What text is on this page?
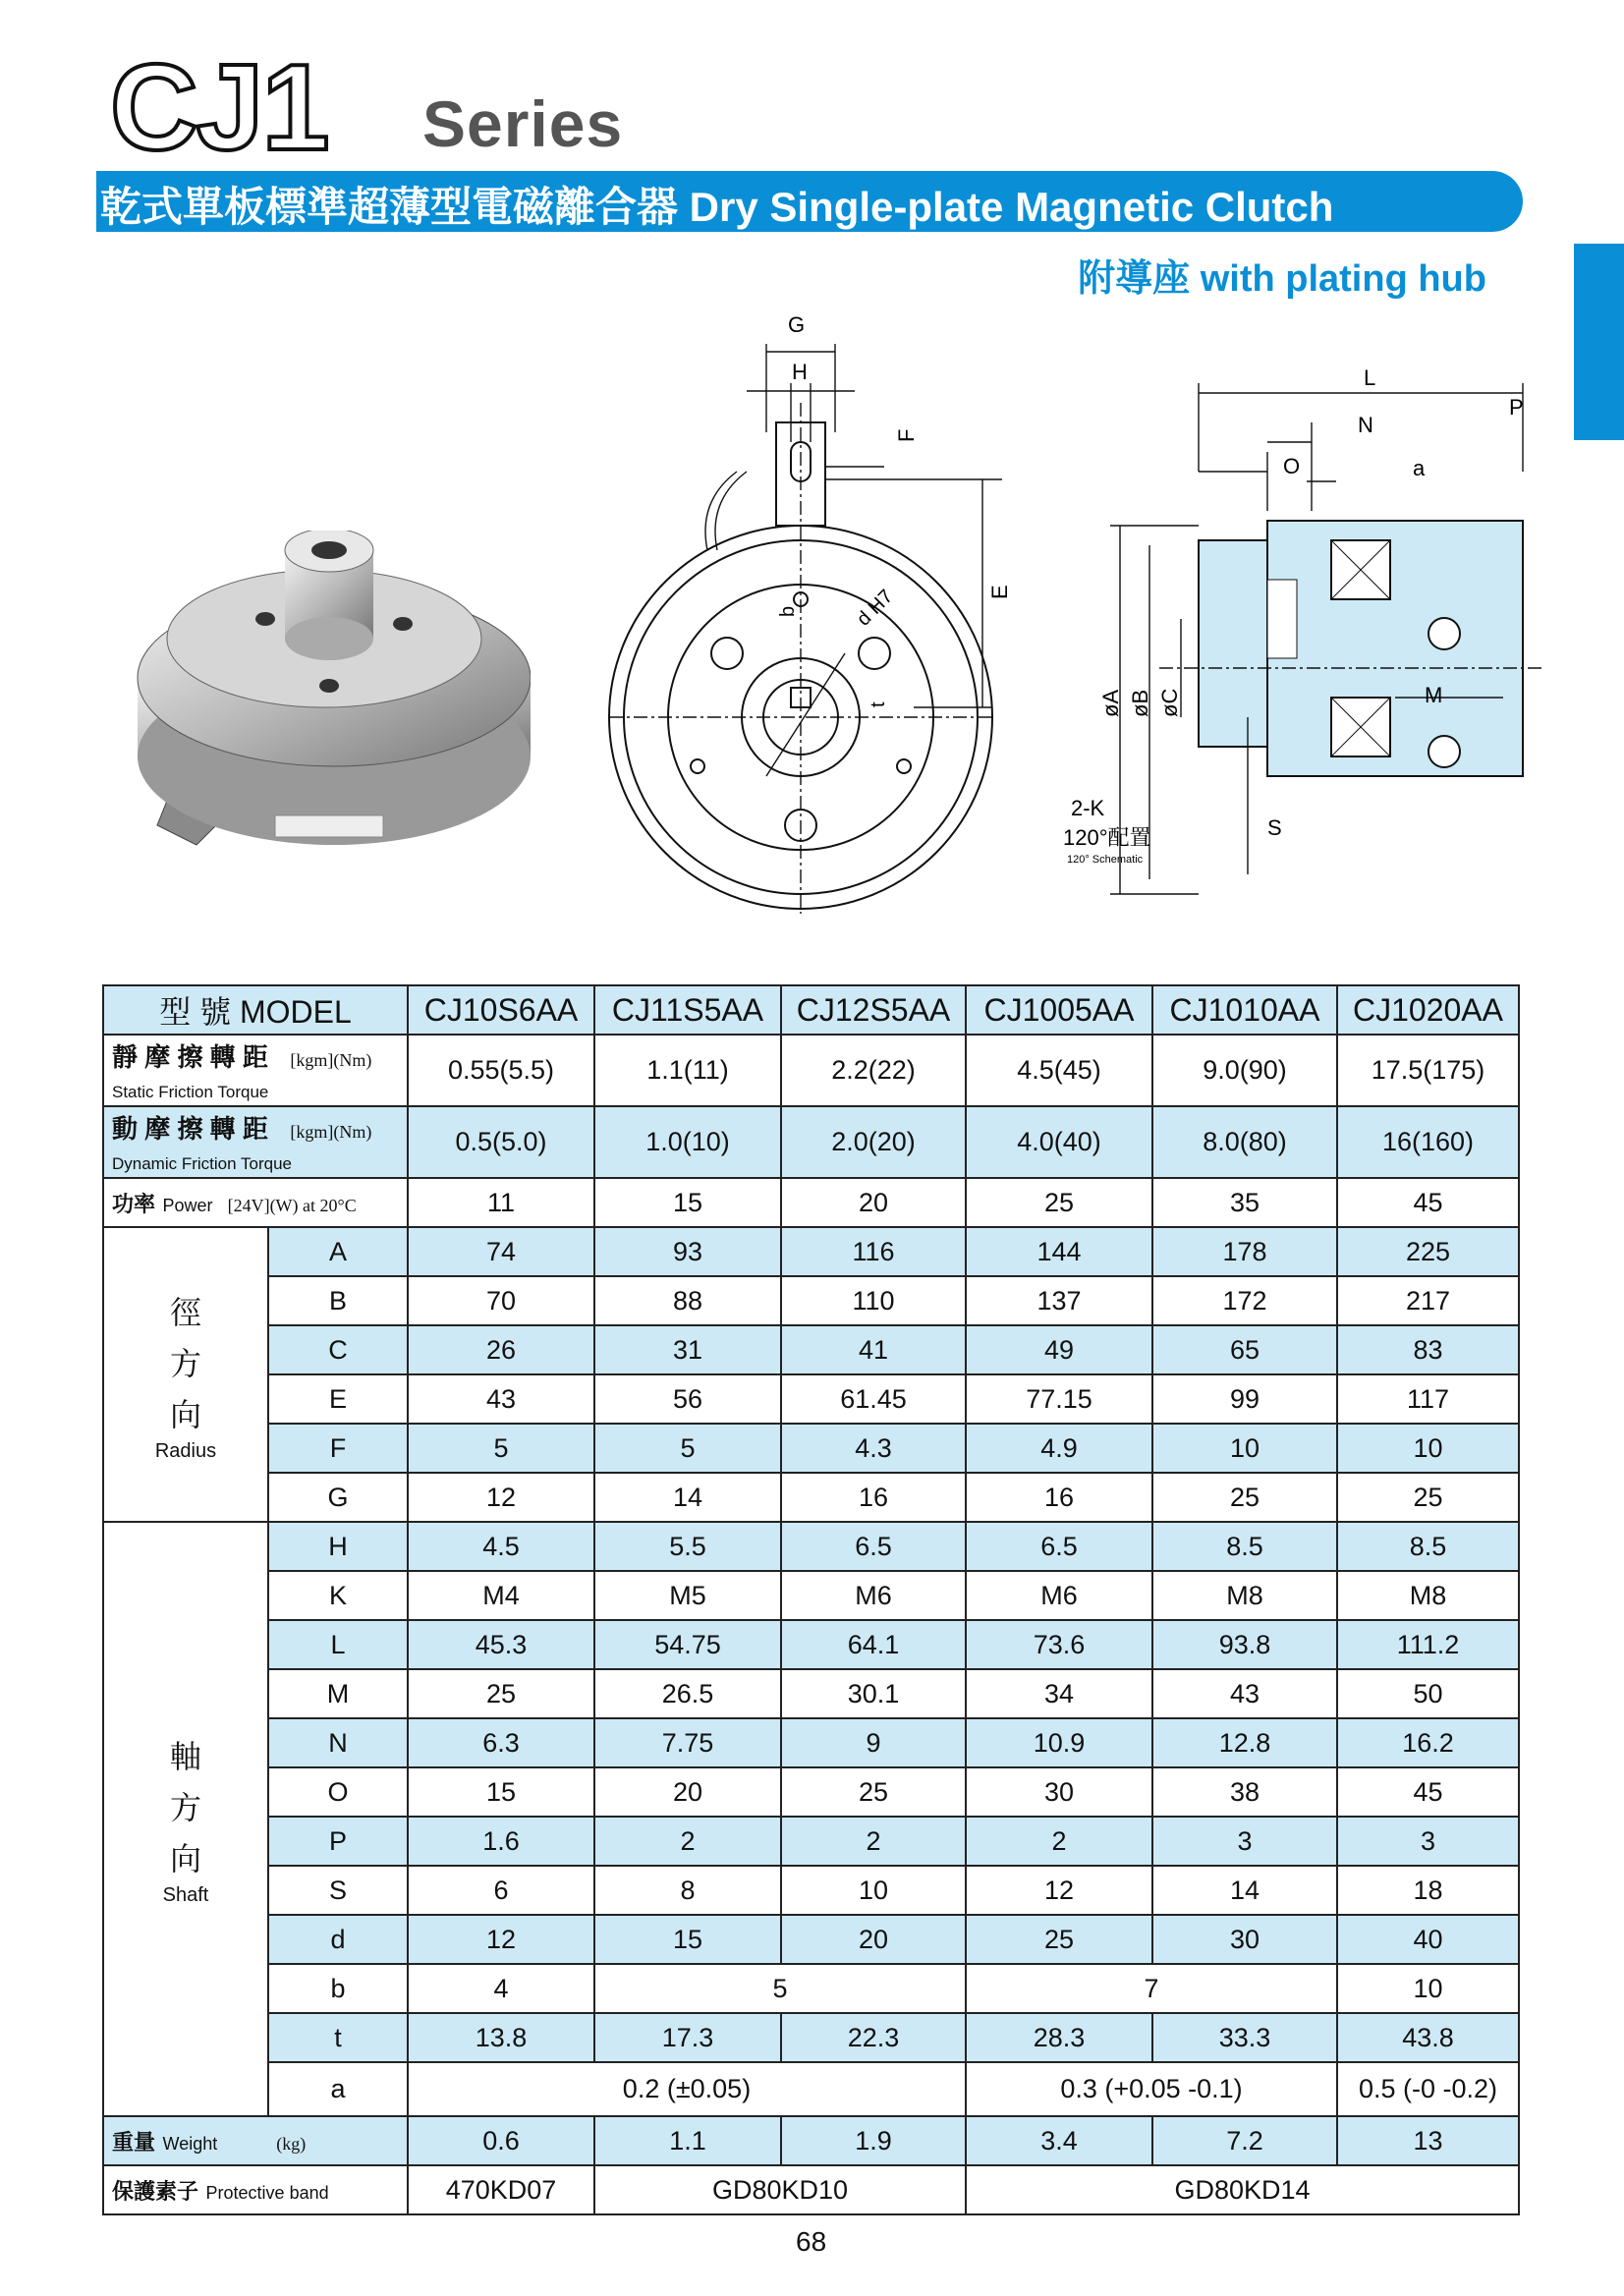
CJ1 Series
乾式單板標準超薄型電磁離合器 Dry Single-plate Magnetic Clutch
附導座 with plating hub
G
H
F
E
b	d H7
t
L
P
N
O	a
M
øA øB øC
S
2-K
120°配置
120° Schematic
型 號 MODEL		CJ10S6AA	CJ11S5AA	CJ12S5AA	CJ1005AA	CJ1010AA	CJ1020AA
靜 摩 擦 轉 距 [kgm](Nm)
Static Friction Torque		0.55(5.5)	1.1(11)	2.2(22)	4.5(45)	9.0(90)	17.5(175)
動 摩 擦 轉 距 [kgm](Nm)
Dynamic Friction Torque		0.5(5.0)	1.0(10)	2.0(20)	4.0(40)	8.0(80)	16(160)
功率 Power [24V](W) at 20°C		11	15	20	25	35	45

徑
方
向
Radius	A	74	93	116	144	178	225
	B	70	88	110	137	172	217
	C	26	31	41	49	65	83
	E	43	56	61.45	77.15	99	117
	F	5	5	4.3	4.9	10	10
	G	12	14	16	16	25	25

軸
方
向
Shaft	H	4.5	5.5	6.5	6.5	8.5	8.5
	K	M4	M5	M6	M6	M8	M8
	L	45.3	54.75	64.1	73.6	93.8	111.2
	M	25	26.5	30.1	34	43	50
	N	6.3	7.75	9	10.9	12.8	16.2
	O	15	20	25	30	38	45
	P	1.6	2	2	2	3	3
	S	6	8	10	12	14	18
	d	12	15	20	25	30	40
	b	4	5		7		10
	t	13.8	17.3	22.3	28.3	33.3	43.8
	a	0.2 (±0.05)			0.3 (+0.05 -0.1)		0.5 (-0 -0.2)
重量 Weight (kg)		0.6	1.1	1.9	3.4	7.2	13
保護素子 Protective band		470KD07	GD80KD10		GD80KD14		
68
